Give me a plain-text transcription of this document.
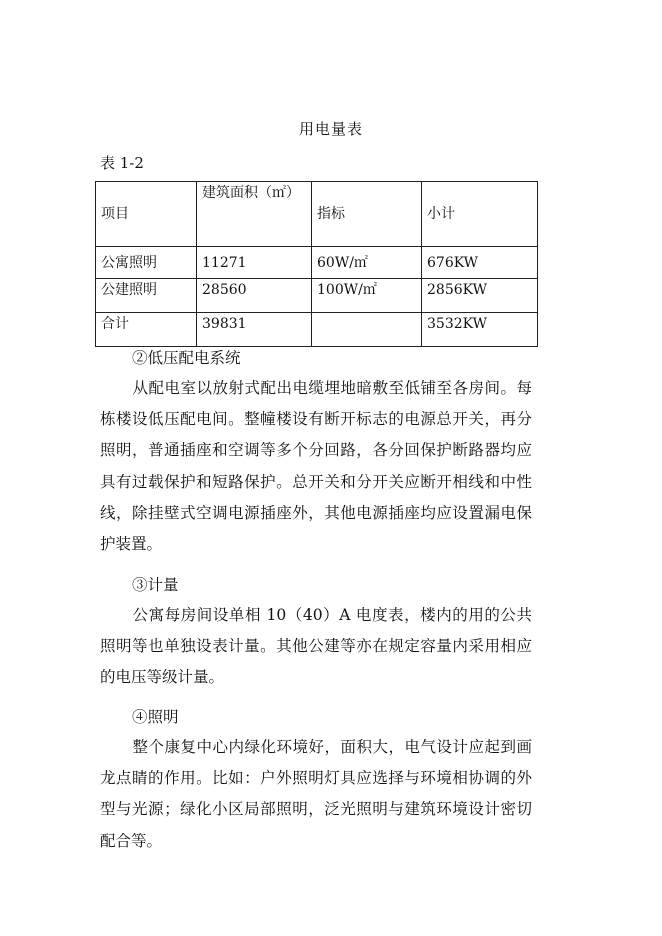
用电量表
表 1-2
项目	建筑面积（㎡）	指标	小计
公寓照明	11271	60W/㎡	676KW
公建照明	28560	100W/㎡	2856KW
合计	39831		3532KW
②低压配电系统
从配电室以放射式配出电缆埋地暗敷至低铺至各房间。每栋楼设低压配电间。整幢楼设有断开标志的电源总开关，再分照明，普通插座和空调等多个分回路，各分回保护断路器均应具有过载保护和短路保护。总开关和分开关应断开相线和中性线，除挂壁式空调电源插座外，其他电源插座均应设置漏电保护装置。
③计量
公寓每房间设单相 10（40）A 电度表，楼内的用的公共照明等也单独设表计量。其他公建等亦在规定容量内采用相应的电压等级计量。
④照明
整个康复中心内绿化环境好，面积大，电气设计应起到画龙点睛的作用。比如：户外照明灯具应选择与环境相协调的外型与光源；绿化小区局部照明，泛光照明与建筑环境设计密切配合等。
